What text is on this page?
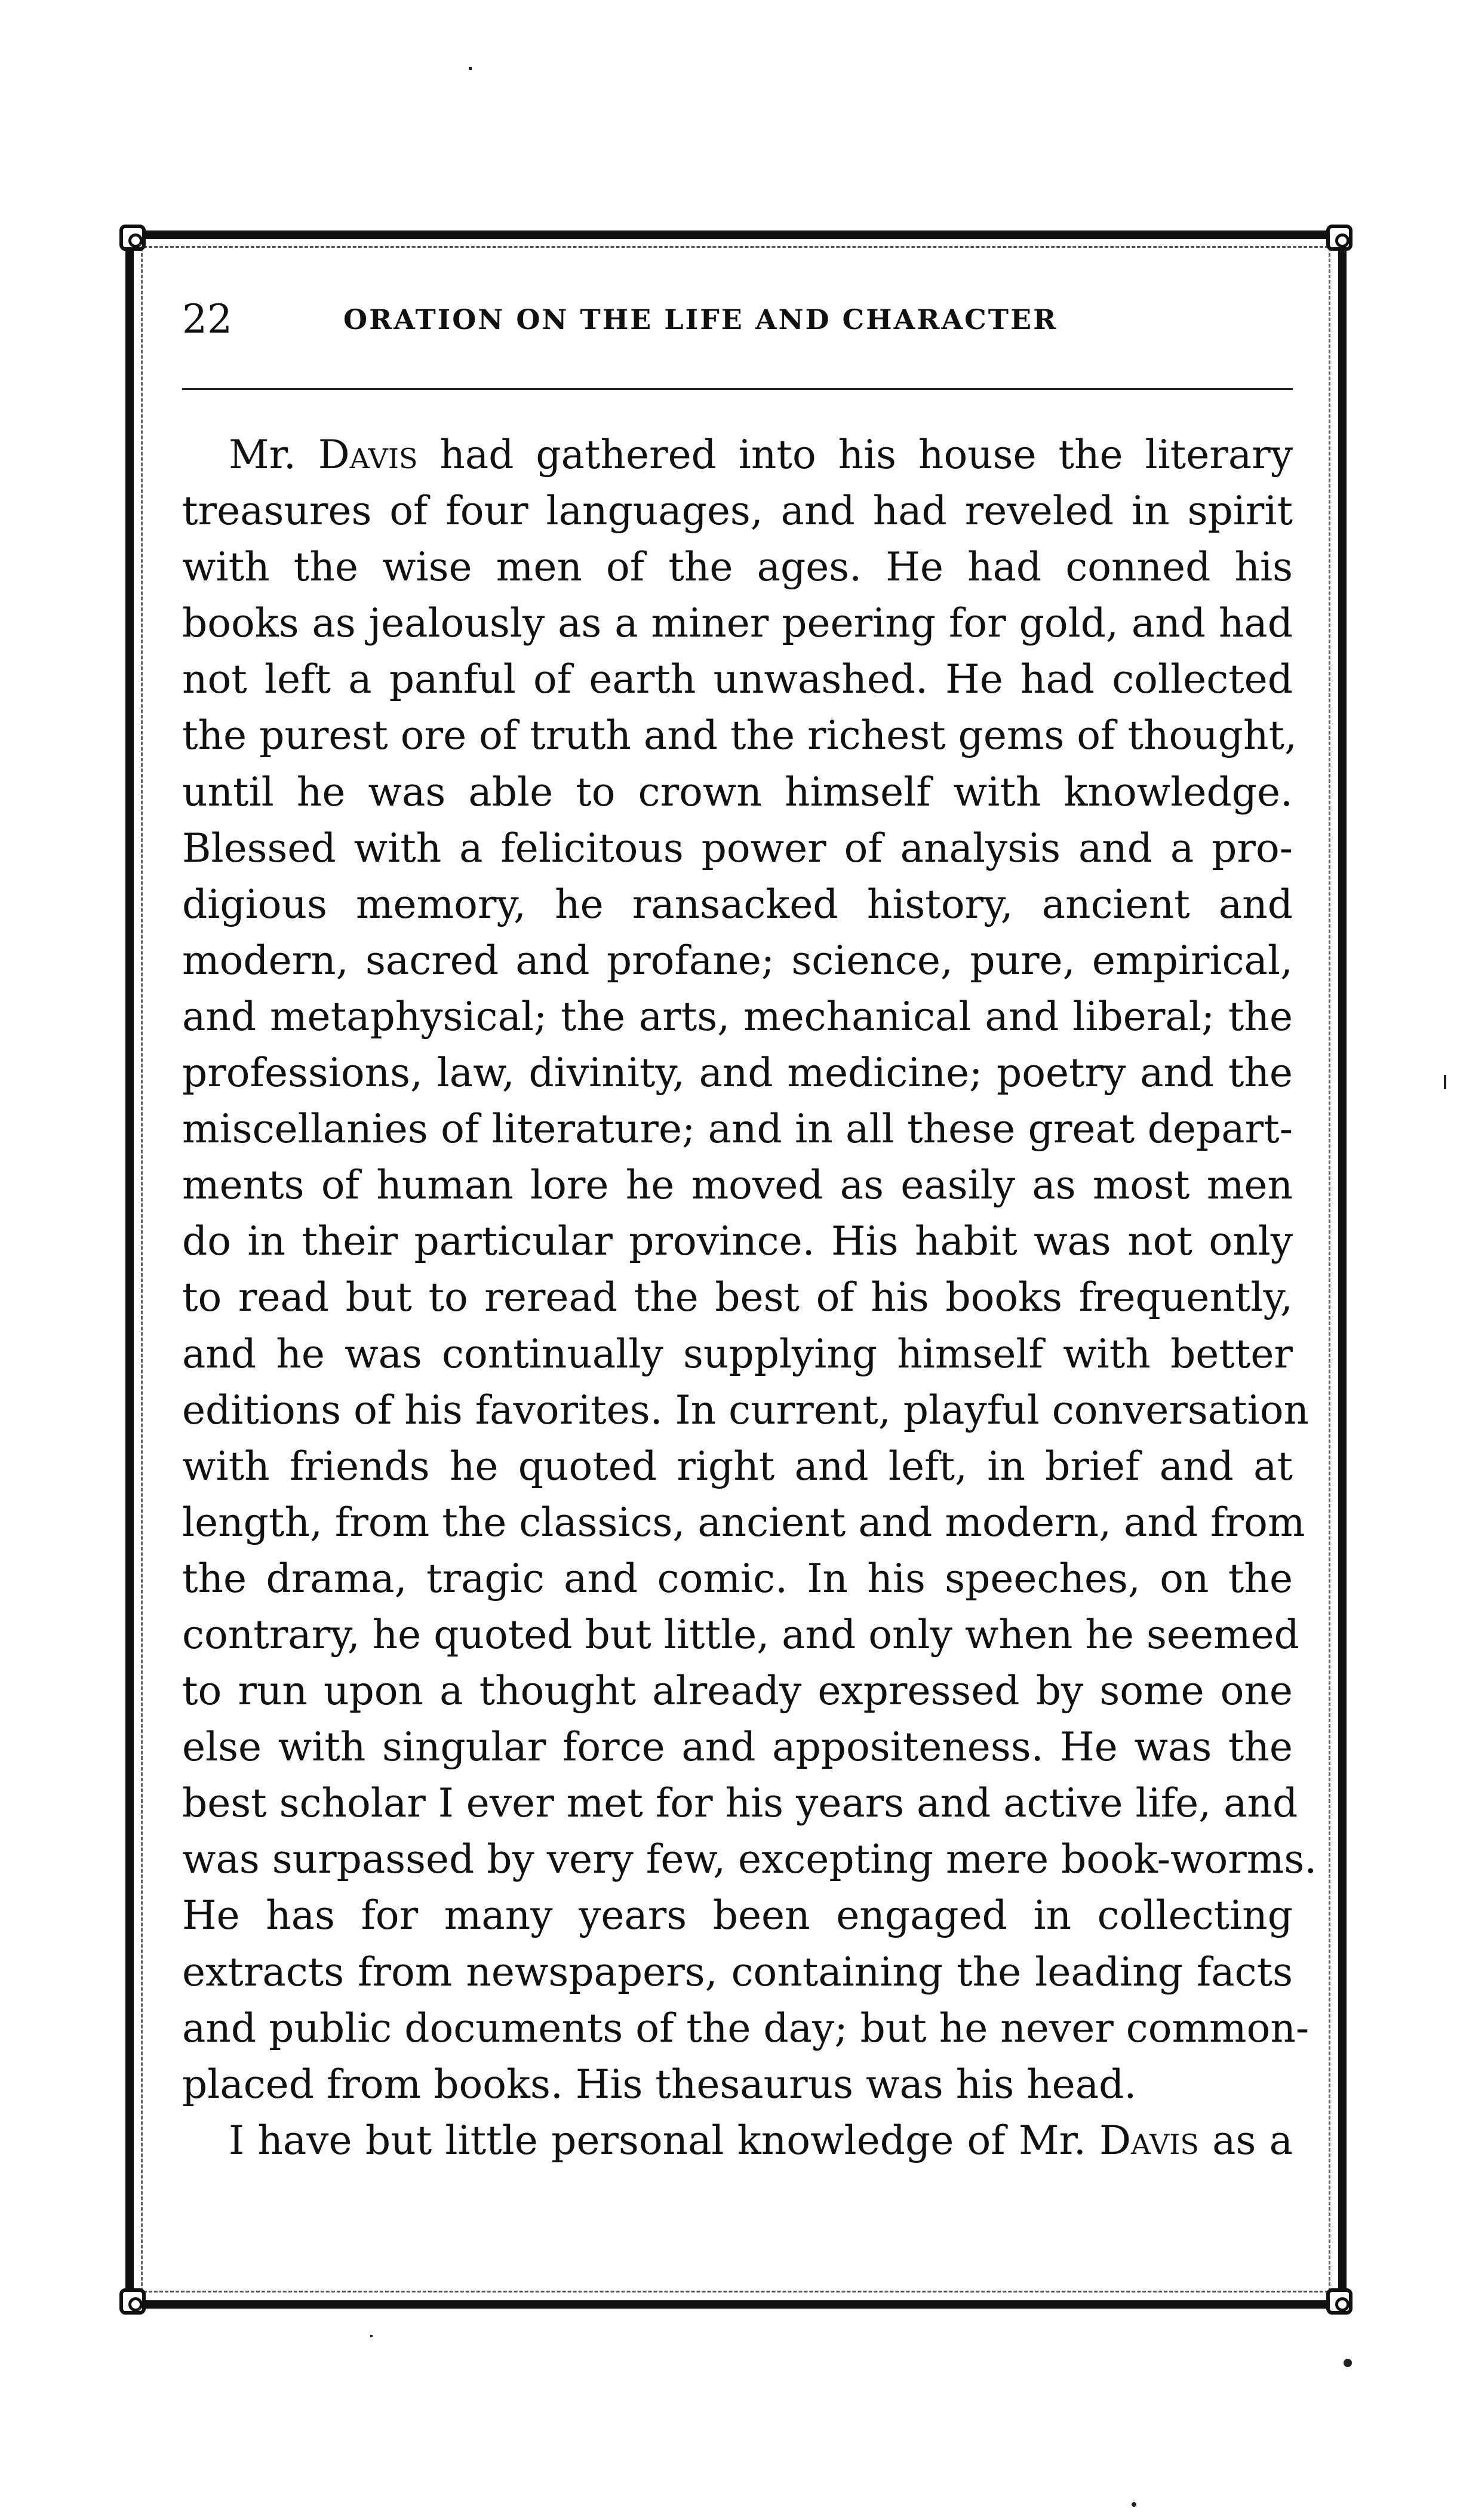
22	ORATION ON THE LIFE AND CHARACTER
Mr. Davis had gathered into his house the literary
treasures of four languages, and had reveled in spirit
with the wise men of the ages. He had conned his
books as jealously as a miner peering for gold, and had
not left a panful of earth unwashed. He had collected
the purest ore of truth and the richest gems of thought,
until he was able to crown himself with knowledge.
Blessed with a felicitous power of analysis and a pro-
digious memory, he ransacked history, ancient and
modern, sacred and profane; science, pure, empirical,
and metaphysical; the arts, mechanical and liberal; the
professions, law, divinity, and medicine; poetry and the
miscellanies of literature; and in all these great depart-
ments of human lore he moved as easily as most men
do in their particular province. His habit was not only
to read but to reread the best of his books frequently,
and he was continually supplying himself with better
editions of his favorites. In current, playful conversation
with friends he quoted right and left, in brief and at
length, from the classics, ancient and modern, and from
the drama, tragic and comic. In his speeches, on the
contrary, he quoted but little, and only when he seemed
to run upon a thought already expressed by some one
else with singular force and appositeness. He was the
best scholar I ever met for his years and active life, and
was surpassed by very few, excepting mere book-worms.
He has for many years been engaged in collecting
extracts from newspapers, containing the leading facts
and public documents of the day; but he never common-
placed from books. His thesaurus was his head.
I have but little personal knowledge of Mr. Davis as a
